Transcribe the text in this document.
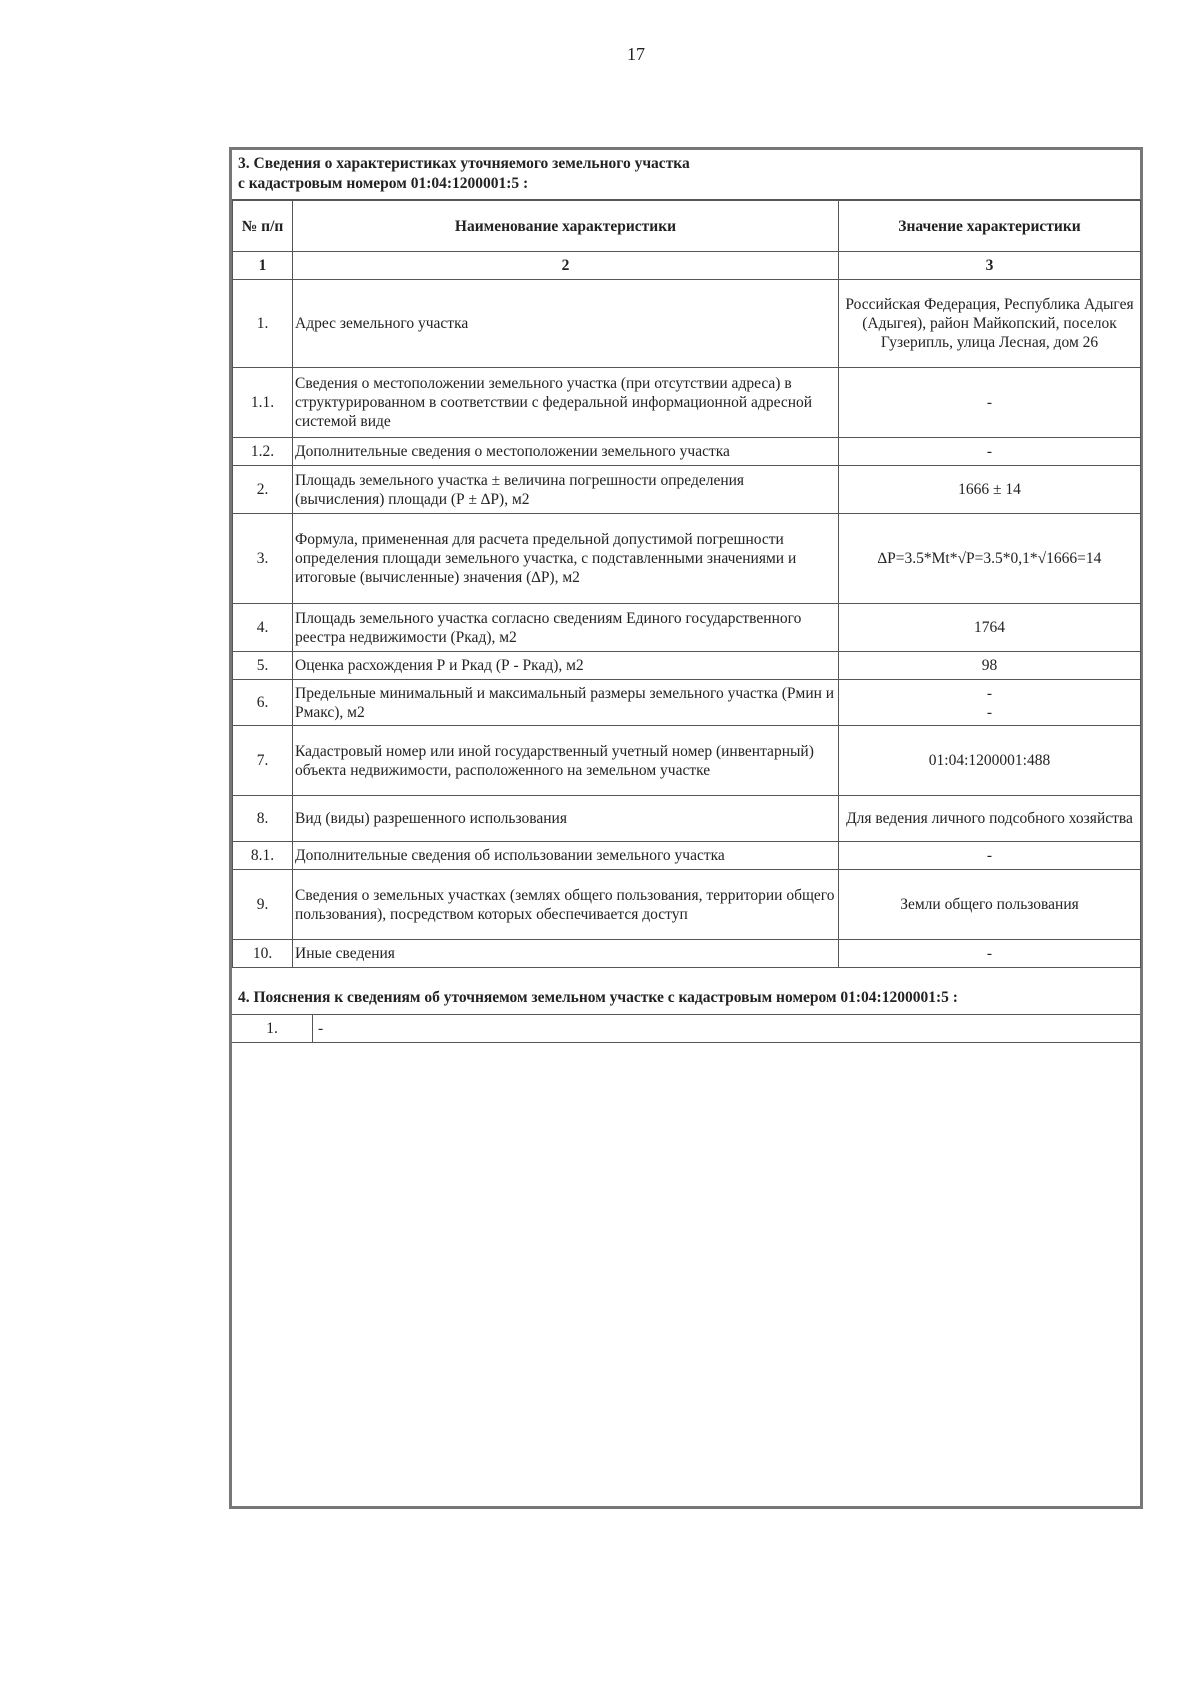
17
3. Сведения о характеристиках уточняемого земельного участка
с кадастровым номером 01:04:1200001:5 :
№ п/п	Наименование характеристики	Значение характеристики
1	2	3
1.	Адрес земельного участка	Российская Федерация, Республика Адыгея (Адыгея), район Майкопский, поселок Гузерипль, улица Лесная, дом 26
1.1.	Сведения о местоположении земельного участка (при отсутствии адреса) в структурированном в соответствии с федеральной информационной адресной системой виде	-
1.2.	Дополнительные сведения о местоположении земельного участка	-
2.	Площадь земельного участка ± величина погрешности определения (вычисления) площади (Р ± ∆Р), м2	1666 ± 14
3.	Формула, примененная для расчета предельной допустимой погрешности определения площади земельного участка, с подставленными значениями и итоговые (вычисленные) значения (∆Р), м2	∆Р=3.5*Mt*√Р=3.5*0,1*√1666=14
4.	Площадь земельного участка согласно сведениям Единого государственного реестра недвижимости (Ркад), м2	1764
5.	Оценка расхождения Р и Ркад (Р - Ркад), м2	98
6.	Предельные минимальный и максимальный размеры земельного участка (Рмин и Рмакс), м2	-
-

7.	Кадастровый номер или иной государственный учетный номер (инвентарный) объекта недвижимости, расположенного на земельном участке	01:04:1200001:488
8.	Вид (виды) разрешенного использования	Для ведения личного подсобного хозяйства
8.1.	Дополнительные сведения об использовании земельного участка	-
9.	Сведения о земельных участках (землях общего пользования, территории общего пользования), посредством которых обеспечивается доступ	Земли общего пользования
10.	Иные сведения	-
4. Пояснения к сведениям об уточняемом земельном участке с кадастровым номером 01:04:1200001:5 :
1.	-
